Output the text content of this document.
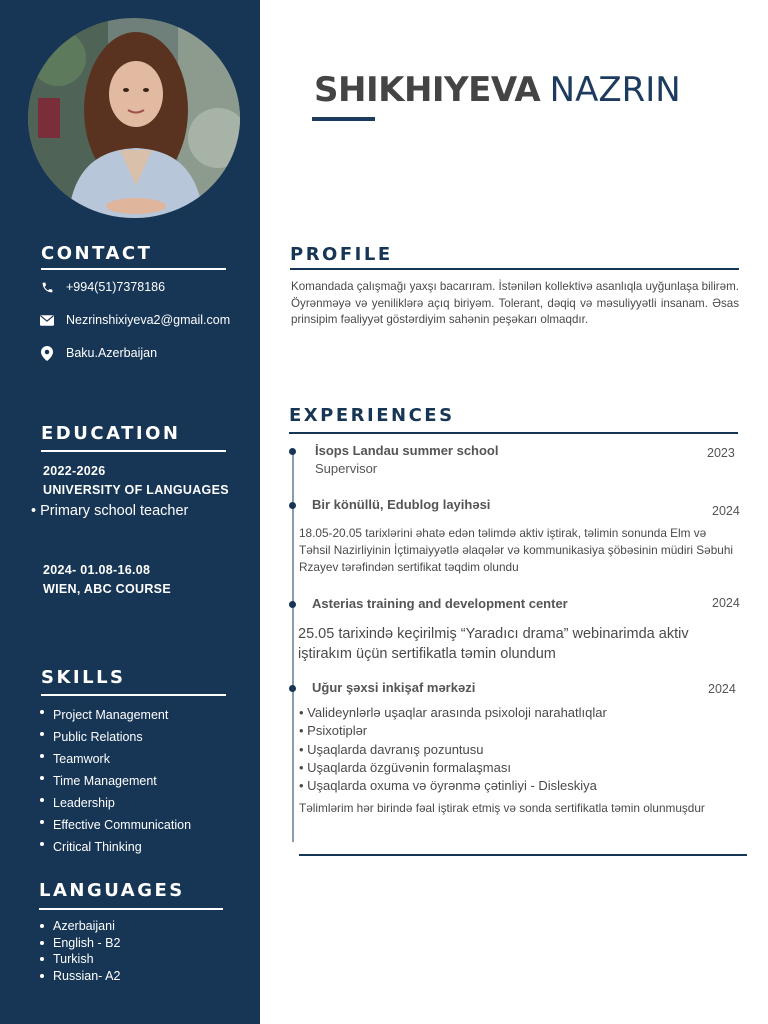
CONTACT
+994(51)7378186
Nezrinshixiyeva2@gmail.com
Baku.Azerbaijan
EDUCATION
2022-2026
UNIVERSITY OF LANGUAGES
• Primary school teacher
2024- 01.08-16.08
WIEN, ABC COURSE
SKILLS
Project Management
Public Relations
Teamwork
Time Management
Leadership
Effective Communication
Critical Thinking
LANGUAGES
Azerbaijani
English - B2
Turkish
Russian- A2
SHIKHIYEVA NAZRIN
PROFILE
Komandada çalışmağı yaxşı bacarıram. İstənilən kollektivə asanlıqla uyğunlaşa bilirəm. Öyrənməyə və yeniliklərə açıq biriyəm. Tolerant, dəqiq və məsuliyyətli insanam. Əsas prinsipim fəaliyyət göstərdiyim sahənin peşəkarı olmaqdır.
EXPERIENCES
İsops Landau summer school	2023
Supervisor
Bir könüllü, Edublog layihəsi	2024
18.05-20.05 tarixlərini əhatə edən təlimdə aktiv iştirak, təlimin sonunda Elm və Təhsil Nazirliyinin İçtimaiyyətlə əlaqələr və kommunikasiya şöbəsinin müdiri Səbuhi Rzayev tərəfindən sertifikat təqdim olundu
Asterias training and development center	2024
25.05 tarixində keçirilmiş “Yaradıcı drama” webinarimda aktiv iştirakım üçün sertifikatla təmin olundum
Uğur şəxsi inkişaf mərkəzi	2024
• Valideynlərlə uşaqlar arasında psixoloji narahatlıqlar
• Psixotiplər
• Uşaqlarda davranış pozuntusu
• Uşaqlarda özgüvənin formalaşması
• Uşaqlarda oxuma və öyrənmə çətinliyi - Disleskiya
Təlimlərim hər birində fəal iştirak etmiş və sonda sertifikatla təmin olunmuşdur
